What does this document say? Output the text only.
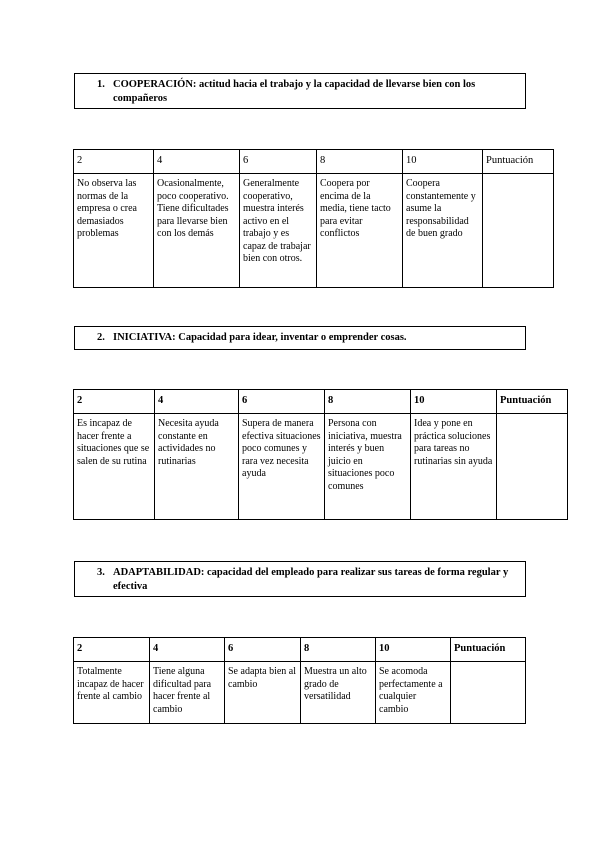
1. COOPERACIÓN: actitud hacia el trabajo y la capacidad de llevarse bien con los compañeros
2	4	6	8	10	Puntuación
No observa las normas de la empresa o crea demasiados problemas	Ocasionalmente, poco cooperativo. Tiene dificultades para llevarse bien con los demás	Generalmente cooperativo, muestra interés activo en el trabajo y es capaz de trabajar bien con otros.	Coopera por encima de la media, tiene tacto para evitar conflictos	Coopera constantemente y asume la responsabilidad de buen grado	
2. INICIATIVA: Capacidad para idear, inventar o emprender cosas.
2	4	6	8	10	Puntuación
Es incapaz de hacer frente a situaciones que se salen de su rutina	Necesita ayuda constante en actividades no rutinarias	Supera de manera efectiva situaciones poco comunes y rara vez necesita ayuda	Persona con iniciativa, muestra interés y buen juicio en situaciones poco comunes	Idea y pone en práctica soluciones para tareas no rutinarias sin ayuda	
3. ADAPTABILIDAD: capacidad del empleado para realizar sus tareas de forma regular y efectiva
2	4	6	8	10	Puntuación
Totalmente incapaz de hacer frente al cambio	Tiene alguna dificultad para hacer frente al cambio	Se adapta bien al cambio	Muestra un alto grado de versatilidad	Se acomoda perfectamente a cualquier cambio	
